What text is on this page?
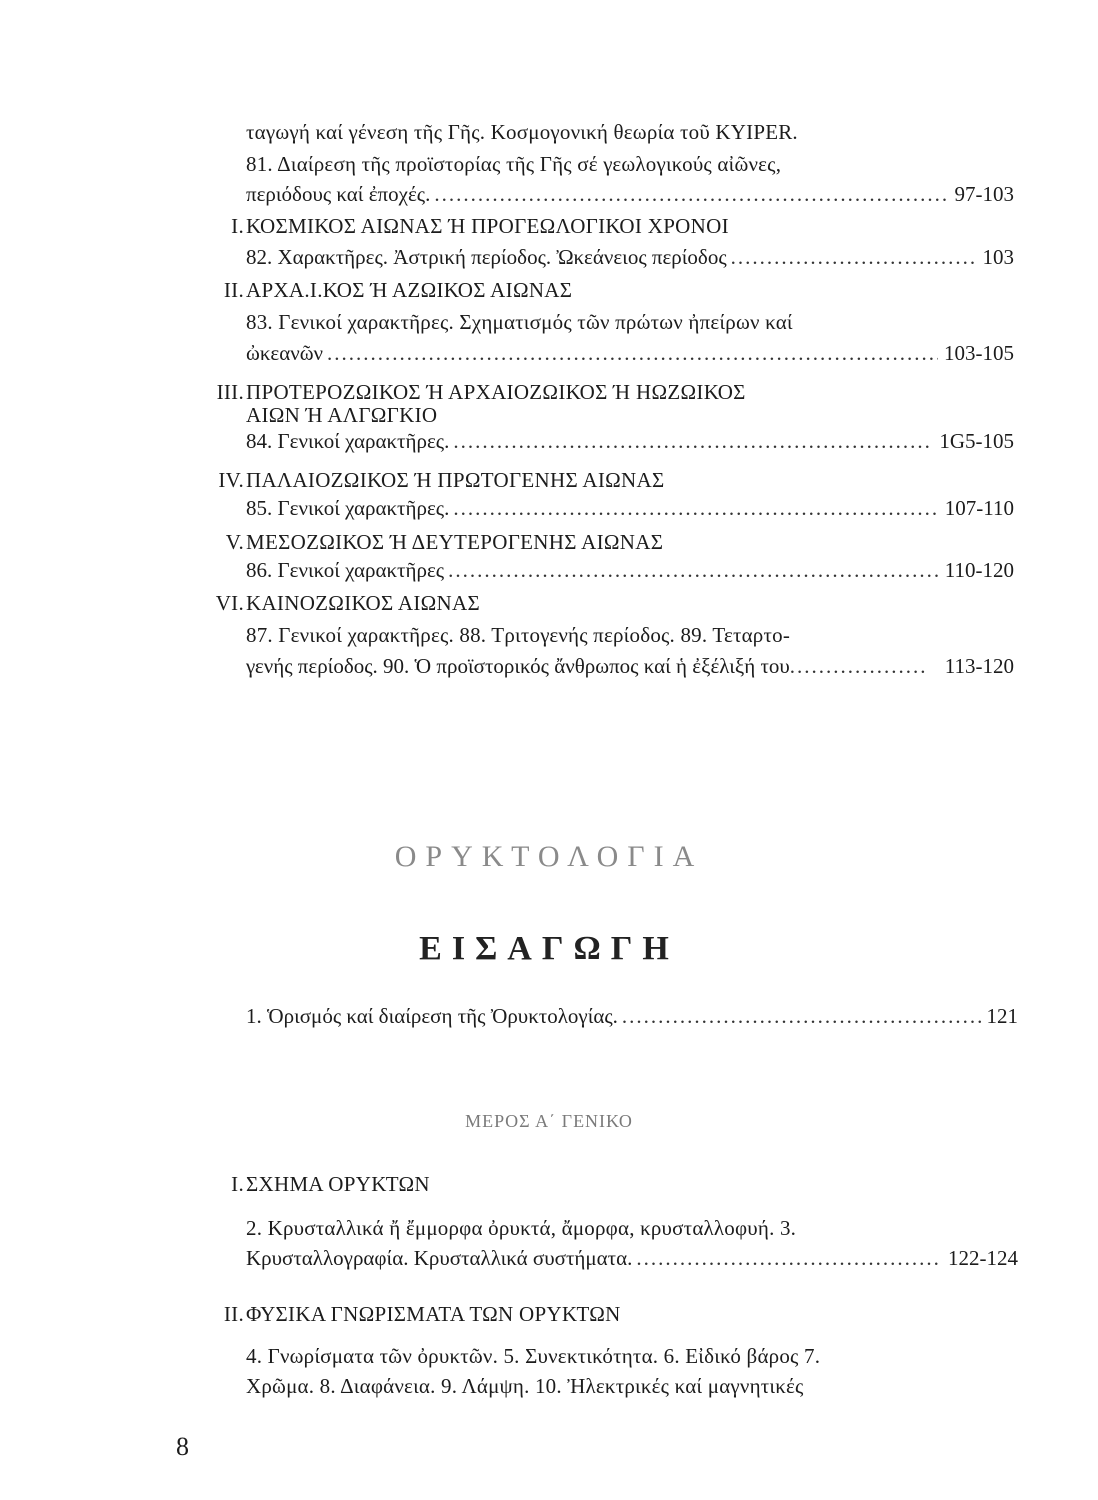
ταγωγή καί γένεση τῆς Γῆς. Κοσμογονική θεωρία τοῦ KYIPER.
81. Διαίρεση τῆς προϊστορίας τῆς Γῆς σέ γεωλογικούς αἰῶνες,
περιόδους καί ἐποχές. .....	97-103
I. ΚΟΣΜΙΚΟΣ ΑΙΩΝΑΣ Ή ΠΡΟΓΕΩΛΟΓΙΚΟΙ ΧΡΟΝΟΙ
82. Χαρακτῆρες. Ἀστρική περίοδος. Ὠκεάνειος περίοδος .....	103
II. ΑΡΧΑ.Ι.ΚΟΣ Ή ΑΖΩΙΚΟΣ ΑΙΩΝΑΣ
83. Γενικοί χαρακτῆρες. Σχηματισμός τῶν πρώτων ἠπείρων καί
ὠκεανῶν .....	103-105
III. ΠΡΟΤΕΡΟΖΩΙΚΟΣ Ή ΑΡΧΑΙΟΖΩΙΚΟΣ Ή ΗΩΖΩΙΚΟΣ
ΑΙΩΝ Ή ΑΛΓΩΓΚΙΟ
84. Γενικοί χαρακτῆρες. .....	1G5-105
IV. ΠΑΛΑΙΟΖΩΙΚΟΣ Ή ΠΡΩΤΟΓΕΝΗΣ ΑΙΩΝΑΣ
85. Γενικοί χαρακτῆρες. .....	107-110
V. ΜΕΣΟΖΩΙΚΟΣ Ή ΔΕΥΤΕΡΟΓΕΝΗΣ ΑΙΩΝΑΣ
86. Γενικοί χαρακτῆρες .....	110-120
VI. ΚΑΙΝΟΖΩΙΚΟΣ ΑΙΩΝΑΣ
87. Γενικοί χαρακτῆρες. 88. Τριτογενής περίοδος. 89. Τεταρτο-
γενής περίοδος. 90. Ὁ προϊστορικός ἄνθρωπος καί ἡ ἐξέλιξή του .....	113-120
ΟΡΥΚΤΟΛΟΓΙΑ
ΕΙΣΑΓΩΓΗ
1. Ὁρισμός καί διαίρεση τῆς Ὀρυκτολογίας. .....	121
ΜΕΡΟΣ Α΄ ΓΕΝΙΚΟ
I. ΣΧΗΜΑ ΟΡΥΚΤΩΝ
2. Κρυσταλλικά ἤ ἔμμορφα ὀρυκτά, ἄμορφα, κρυσταλλοφυή. 3.
Κρυσταλλογραφία. Κρυσταλλικά συστήματα. .....	122-124
II. ΦΥΣΙΚΑ ΓΝΩΡΙΣΜΑΤΑ ΤΩΝ ΟΡΥΚΤΩΝ
4. Γνωρίσματα τῶν ὀρυκτῶν. 5. Συνεκτικότητα. 6. Εἰδικό βάρος 7.
Χρῶμα. 8. Διαφάνεια. 9. Λάμψη. 10. Ἠλεκτρικές καί μαγνητικές
8
